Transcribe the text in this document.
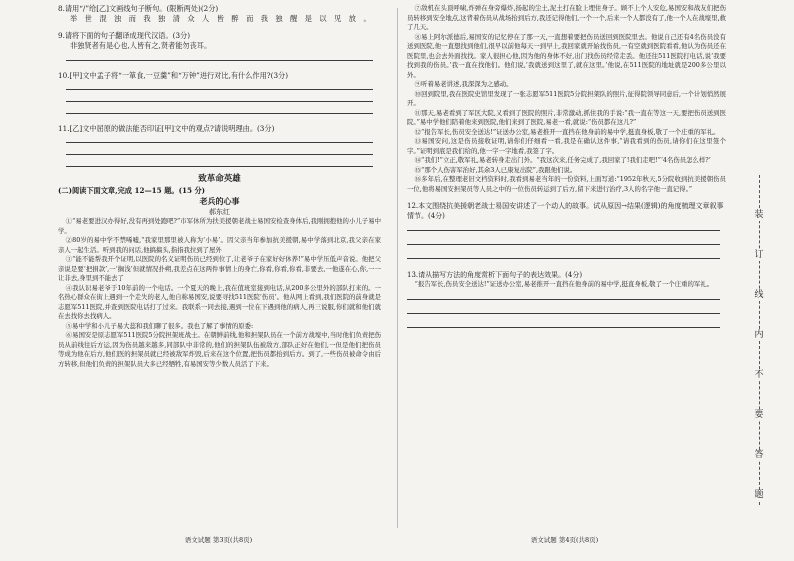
8.请用“/”给[乙]文画线句子断句。(限断两处)(2分)

举 世 混 浊 而 我 独 清 众 人 皆 醉 而 我 独 醒 是 以 见 放 。

9.请将下面的句子翻译成现代汉语。(3分)

非独贤者有是心也,人皆有之,贤者能勿丧耳。

10.[甲]文中孟子将“一箪食,一豆羹”和“万钟”进行对比,有什么作用?(3分)

11.[乙]文中屈原的做法能否印证[甲]文中的观点?请说明理由。(3分)

致革命英雄

(二)阅读下面文章,完成 12—15 题。(15 分)

老兵的心事

郝东红

①“易老要进汉办得好,没有再到处跑吧?”市军休所为扶美援朝老战士易国安检查身体后,我刚拥抱他的小儿子易中学。

②80岁的易中学不禁唏嘘,“我家里那里被人称为‘小易’。因父亲当年参加抗美援朝,易中学落到北京,我父亲在家亲人一起生活。听到我的问话,他搞搞头,指指我拉到了屋外

③“能不能帮我开个证明,以医院的名义证明伤员已经到位了,让老爷子在家好好休养!”易中学压低声音说。他把父亲说是要‘把捐款’,一‘搁浅’但就情况扑朔,我差点在这两件事情上的身亡,你看,你看,你看,非要去,一他遂在心,你,一一让非去,身里到不能去了

④我认识易老爷于10年前的一个电话。一个夏天的晚上,我在值班室接到电话,从200多公里外的部队打来的。一名热心群众在街上遇到一个走失的老人,他自称易国安,说要寻找511医院‘伤员’。他从网上看到,我们医院的前身就是志愿军511医院,并查到医院电话打了过来。我联系一同去接,遇到一位在下遇到他的病人,再三说服,你们就和他们就在去找你去找病人。

⑤易中学和小儿子易大蕊和我们聊了很多。我也了解了事情的原委:

⑥易国安是原志愿军511医院5分院担架班战士。在朝鲜前线,他和担架队员在一个前方战壕中,当时他们负责把伤员从前线往后方运,因为伤员越来越多,同部队中非常的,他们的担架队伍被敌方,部队正好在他们,一但是他们把伤员等成为他在后方,他们医的担架员就已经被敌军炸毁,后来在这个位置,把伤员都抬到后方。到了,一些伤员被命令由后方转移,但他们负责的担架队员大多已经牺牲,有易国安等少数人员活了下来。

语文试题 第3页(共8页)

⑦敌机在头顶呼啸,炸弹在身旁爆炸,扬起的尘土,泥土打在脸上埋住身子。顾不上个人安危,易国安和战友们把伤员转移到安全地点,这背着伤员从战场抬到后方,我还记得他们,一个一个,后来一个人都没有了,他一个人在战壕里,救了几天。

⑧易上阿尔派德后,易国安的记忆停在了那一天,一直想着要把伤员送回到医院里去。他说自己还有4名伤员没有送到医院,他一直想找到他们,很早以前他每天一到早上,我回家就开始找伤员,一有空就到医院看看,他认为伤员还在医院里,也会去外面找找。家人很担心他,因为他的身体不好,出门找伤员经常走丢。他还往511医院打电话,说‘我要找到我的伤员。’我一直在找他们。他们说,‘我就送到这里了,就在这里。’他说,在511医院的地址就是200多公里以外。

⑨听着易老讲述,我深深为之感动。

⑩回到院里,我在医院史馆里发现了一张志愿军511医院5分院担架队的照片,征得院领导同意后,一个计划悄然展开。

⑪那天,易老看到了军区大院,又看到了医院的照片,非常激动,抓住我的手说:“我一直在等这一天,要把伤员送到医院。”易中学他们陪着他来到医院,他们来到了医院,易老一看,就说:“伤员都在这儿?”

⑫“报告军长,伤员安全送达!”证送办公室,易老推开一直挡在他身前的易中学,挺直身板,敬了一个庄重的军礼。

⑬易国安问,这是伤员接收证明,请你们仔细看一看,我是在确认这件事,“请我看到的伤员,请你们在这里签个字。”证明到底是我们给的,他一字一字地看,我签了字。

⑭“我们!”立正,敬军礼,易老转身走出门外。“我这次来,任务完成了,我回家了!我们走吧!”‘4名伤员怎么样?’

⑮“那个人伤害军治好,其余3人已康复出院”,我跟他们说。

⑯多年后,在整理老旧文档资料时,我看到易老当年的一份资料,上面写道:“1952年秋天,5分院收到抗美援朝伤员一位,他将易国安担架员等人员之中的一位伤员转运到了后方,留下来进行治疗,3人的名字他一直记得。”

12.本文围绕抗美援朝老战士易国安讲述了一个动人的故事。试从原因→结果(逻辑)的角度梳理文章叙事情节。(4分)

13.请从描写方法的角度赏析下面句子的表达效果。(4分)

“报告军长,伤员安全送达!”证送办公室,易老推开一直挡在他身前的易中学,挺直身板,敬了一个庄重的军礼。

语文试题 第4页(共8页)
装
订
线
内
不
要
答
题
